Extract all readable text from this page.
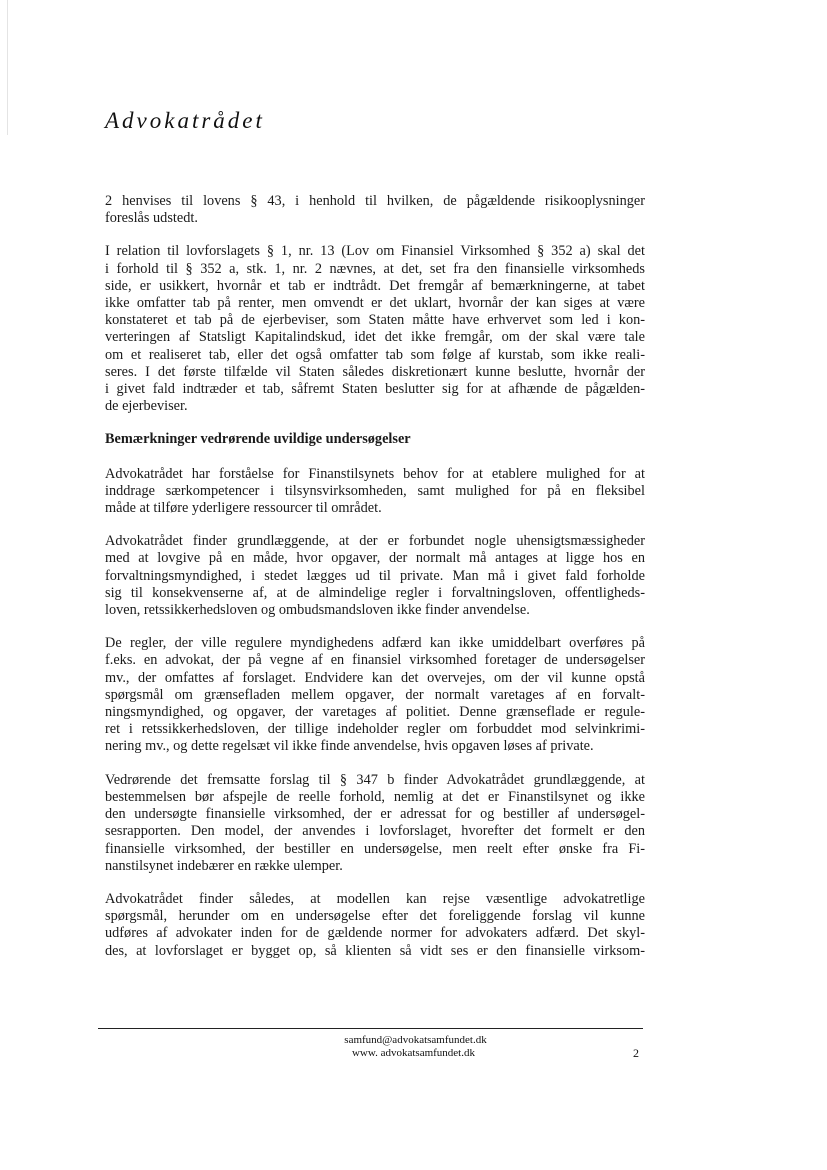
Advokatrådet

2 henvises til lovens § 43, i henhold til hvilken, de pågældende risikooplysninger
foreslås udstedt.

I relation til lovforslagets § 1, nr. 13 (Lov om Finansiel Virksomhed § 352 a) skal det
i forhold til § 352 a, stk. 1, nr. 2 nævnes, at det, set fra den finansielle virksomheds
side, er usikkert, hvornår et tab er indtrådt. Det fremgår af bemærkningerne, at tabet
ikke omfatter tab på renter, men omvendt er det uklart, hvornår der kan siges at være
konstateret et tab på de ejerbeviser, som Staten måtte have erhvervet som led i kon-
verteringen af Statsligt Kapitalindskud, idet det ikke fremgår, om der skal være tale
om et realiseret tab, eller det også omfatter tab som følge af kurstab, som ikke reali-
seres. I det første tilfælde vil Staten således diskretionært kunne beslutte, hvornår der
i givet fald indtræder et tab, såfremt Staten beslutter sig for at afhænde de pågælden-
de ejerbeviser.

Bemærkninger vedrørende uvildige undersøgelser

Advokatrådet har forståelse for Finanstilsynets behov for at etablere mulighed for at
inddrage særkompetencer i tilsynsvirksomheden, samt mulighed for på en fleksibel
måde at tilføre yderligere ressourcer til området.

Advokatrådet finder grundlæggende, at der er forbundet nogle uhensigtsmæssigheder
med at lovgive på en måde, hvor opgaver, der normalt må antages at ligge hos en
forvaltningsmyndighed, i stedet lægges ud til private. Man må i givet fald forholde
sig til konsekvenserne af, at de almindelige regler i forvaltningsloven, offentligheds-
loven, retssikkerhedsloven og ombudsmandsloven ikke finder anvendelse.

De regler, der ville regulere myndighedens adfærd kan ikke umiddelbart overføres på
f.eks. en advokat, der på vegne af en finansiel virksomhed foretager de undersøgelser
mv., der omfattes af forslaget. Endvidere kan det overvejes, om der vil kunne opstå
spørgsmål om grænsefladen mellem opgaver, der normalt varetages af en forvalt-
ningsmyndighed, og opgaver, der varetages af politiet. Denne grænseflade er regule-
ret i retssikkerhedsloven, der tillige indeholder regler om forbuddet mod selvinkrimi-
nering mv., og dette regelsæt vil ikke finde anvendelse, hvis opgaven løses af private.

Vedrørende det fremsatte forslag til § 347 b finder Advokatrådet grundlæggende, at
bestemmelsen bør afspejle de reelle forhold, nemlig at det er Finanstilsynet og ikke
den undersøgte finansielle virksomhed, der er adressat for og bestiller af undersøgel-
sesrapporten. Den model, der anvendes i lovforslaget, hvorefter det formelt er den
finansielle virksomhed, der bestiller en undersøgelse, men reelt efter ønske fra Fi-
nanstilsynet indebærer en række ulemper.

Advokatrådet finder således, at modellen kan rejse væsentlige advokatretlige
spørgsmål, herunder om en undersøgelse efter det foreliggende forslag vil kunne
udføres af advokater inden for de gældende normer for advokaters adfærd. Det skyl-
des, at lovforslaget er bygget op, så klienten så vidt ses er den finansielle virksom-

samfund@advokatsamfundet.dk
www. advokatsamfundet.dk	2
